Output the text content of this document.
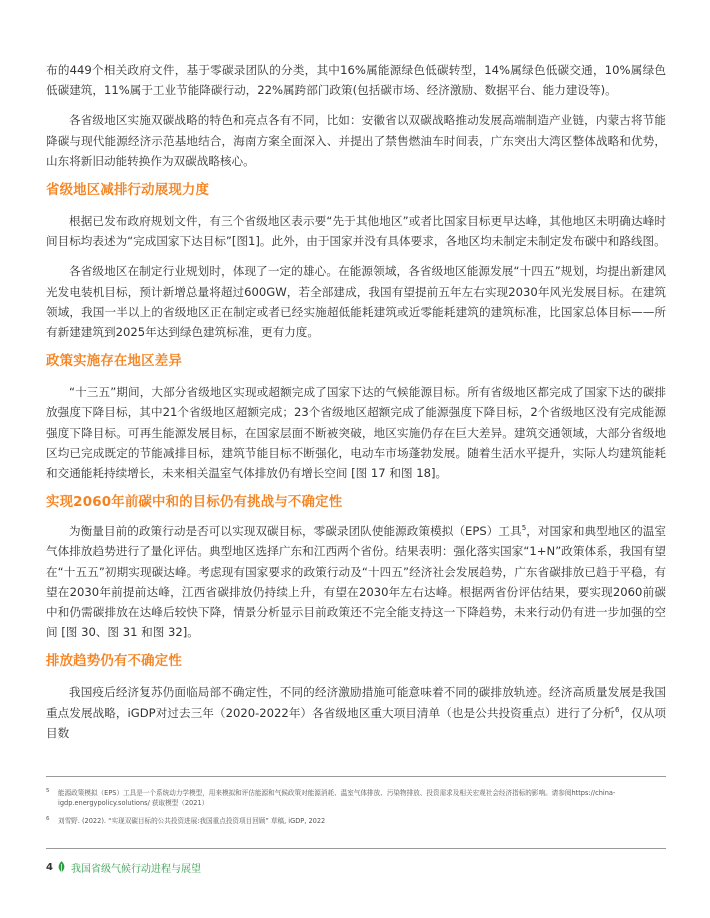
布的449个相关政府文件，基于零碳录团队的分类，其中16%属能源绿色低碳转型，14%属绿色低碳交通，10%属绿色低碳建筑，11%属于工业节能降碳行动，22%属跨部门政策(包括碳市场、经济激励、数据平台、能力建设等)。

各省级地区实施双碳战略的特色和亮点各有不同，比如：安徽省以双碳战略推动发展高端制造产业链，内蒙古将节能降碳与现代能源经济示范基地结合，海南方案全面深入、并提出了禁售燃油车时间表，广东突出大湾区整体战略和优势，山东将新旧动能转换作为双碳战略核心。

省级地区减排行动展现力度

根据已发布政府规划文件，有三个省级地区表示要“先于其他地区”或者比国家目标更早达峰，其他地区未明确达峰时间目标均表述为“完成国家下达目标”[图1]。此外，由于国家并没有具体要求，各地区均未制定未制定发布碳中和路线图。

各省级地区在制定行业规划时，体现了一定的雄心。在能源领域，各省级地区能源发展“十四五”规划，均提出新建风光发电装机目标，预计新增总量将超过600GW，若全部建成，我国有望提前五年左右实现2030年风光发展目标。在建筑领域，我国一半以上的省级地区正在制定或者已经实施超低能耗建筑或近零能耗建筑的建筑标准，比国家总体目标——所有新建建筑到2025年达到绿色建筑标准，更有力度。

政策实施存在地区差异

“十三五”期间，大部分省级地区实现或超额完成了国家下达的气候能源目标。所有省级地区都完成了国家下达的碳排放强度下降目标，其中21个省级地区超额完成；23个省级地区超额完成了能源强度下降目标，2个省级地区没有完成能源强度下降目标。可再生能源发展目标，在国家层面不断被突破，地区实施仍存在巨大差异。建筑交通领域，大部分省级地区均已完成既定的节能减排目标，建筑节能目标不断强化，电动车市场蓬勃发展。随着生活水平提升，实际人均建筑能耗和交通能耗持续增长，未来相关温室气体排放仍有增长空间 [图 17 和图 18]。

实现2060年前碳中和的目标仍有挑战与不确定性

为衡量目前的政策行动是否可以实现双碳目标，零碳录团队使能源政策模拟（EPS）工具$^5$，对国家和典型地区的温室气体排放趋势进行了量化评估。典型地区选择广东和江西两个省份。结果表明：强化落实国家“1+N”政策体系，我国有望在“十五五”初期实现碳达峰。考虑现有国家要求的政策行动及“十四五”经济社会发展趋势，广东省碳排放已趋于平稳，有望在2030年前提前达峰，江西省碳排放仍持续上升，有望在2030年左右达峰。根据两省份评估结果，要实现2060前碳中和仍需碳排放在达峰后较快下降，情景分析显示目前政策还不完全能支持这一下降趋势，未来行动仍有进一步加强的空间 [图 30、图 31 和图 32]。

排放趋势仍有不确定性

我国疫后经济复苏仍面临局部不确定性，不同的经济激励措施可能意味着不同的碳排放轨迹。经济高质量发展是我国重点发展战略，iGDP对过去三年（2020-2022年）各省级地区重大项目清单（也是公共投资重点）进行了分析$^6$，仅从项目数

5 能源政策模拟（EPS）工具是一个系统动力学模型，用来模拟和评估能源和气候政策对能源消耗、温室气体排放、污染物排放、投资需求及相关宏观社会经济指标的影响。请参阅https://china-igdp.energypolicy.solutions/ 获取模型（2021）
6 刘雪野. (2022). “实现双碳目标的公共投资进展:我国重点投资项目回顾” 草稿, iGDP, 2022
4 我国省级气候行动进程与展望
